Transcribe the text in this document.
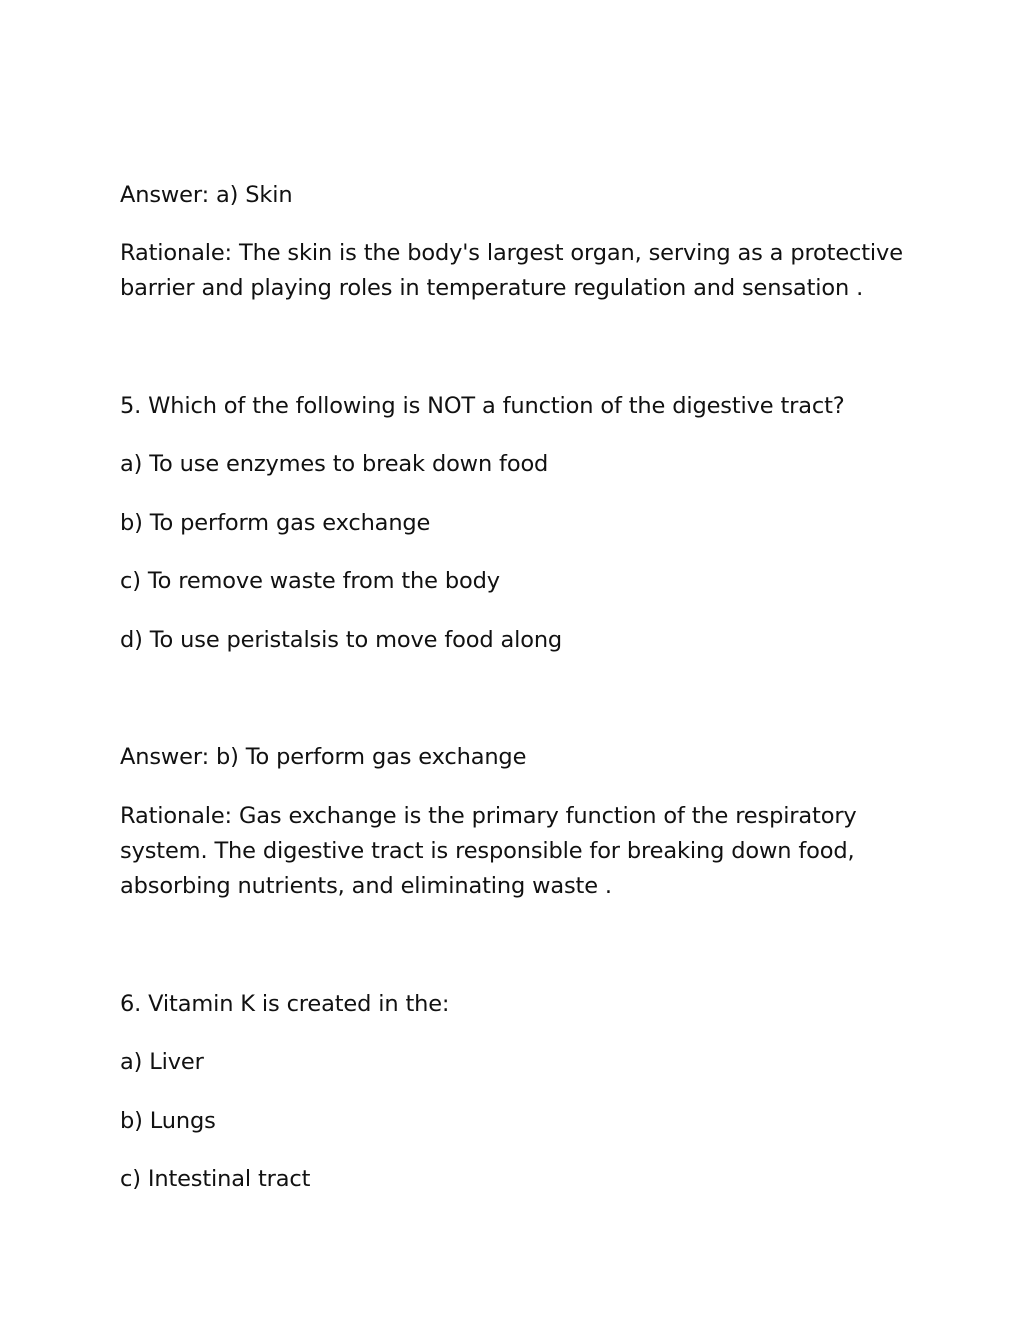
Answer: a) Skin
Rationale: The skin is the body's largest organ, serving as a protective
barrier and playing roles in temperature regulation and sensation .
5. Which of the following is NOT a function of the digestive tract?
a) To use enzymes to break down food
b) To perform gas exchange
c) To remove waste from the body
d) To use peristalsis to move food along
Answer: b) To perform gas exchange
Rationale: Gas exchange is the primary function of the respiratory
system. The digestive tract is responsible for breaking down food,
absorbing nutrients, and eliminating waste .
6. Vitamin K is created in the:
a) Liver
b) Lungs
c) Intestinal tract
